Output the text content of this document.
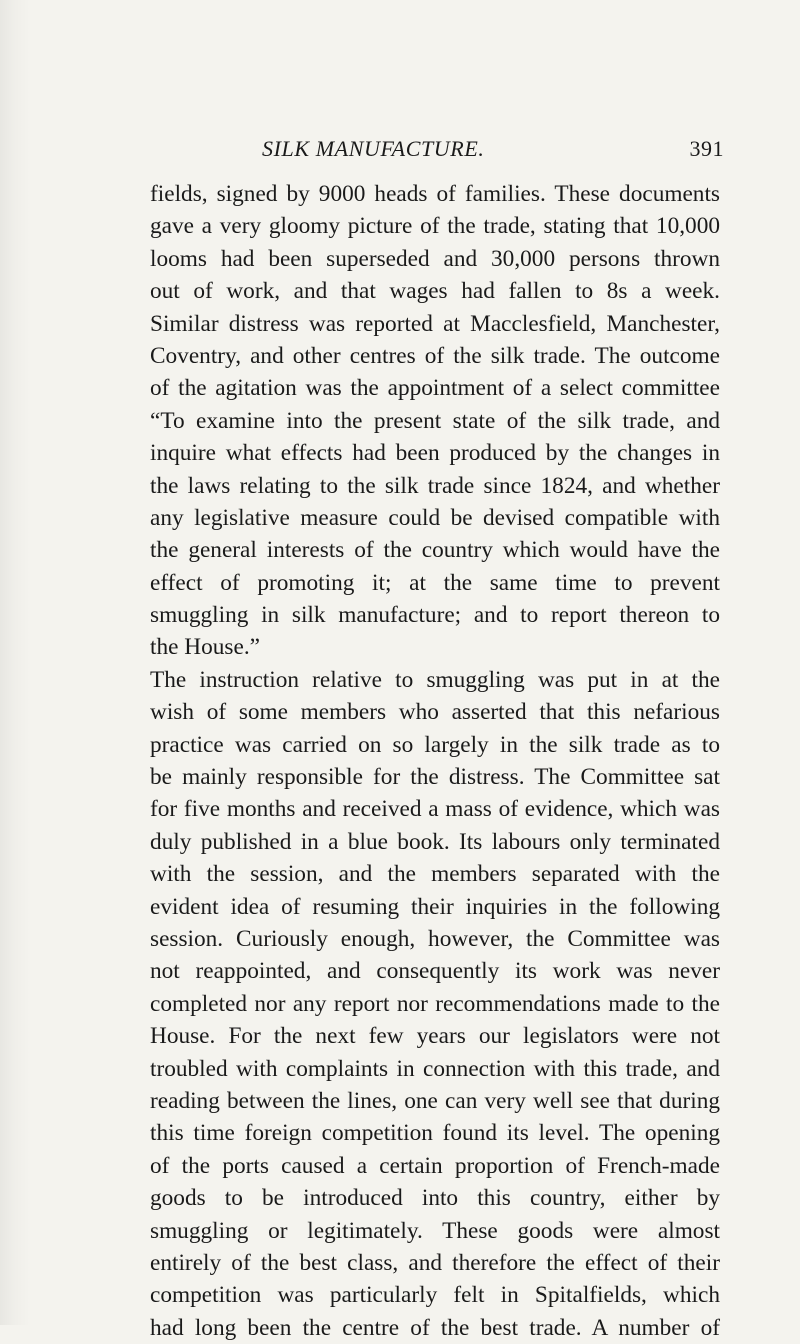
SILK MANUFACTURE.	391
fields, signed by 9000 heads of families. These documents
gave a very gloomy picture of the trade, stating that 10,000
looms had been superseded and 30,000 persons thrown
out of work, and that wages had fallen to 8s a week.
Similar distress was reported at Macclesfield, Manchester,
Coventry, and other centres of the silk trade. The outcome
of the agitation was the appointment of a select committee
“To examine into the present state of the silk trade, and
inquire what effects had been produced by the changes in
the laws relating to the silk trade since 1824, and whether
any legislative measure could be devised compatible with
the general interests of the country which would have the
effect of promoting it; at the same time to prevent
smuggling in silk manufacture; and to report thereon to
the House.”
The instruction relative to smuggling was put in at the
wish of some members who asserted that this nefarious
practice was carried on so largely in the silk trade as to
be mainly responsible for the distress. The Committee sat
for five months and received a mass of evidence, which was
duly published in a blue book. Its labours only terminated
with the session, and the members separated with the
evident idea of resuming their inquiries in the following
session. Curiously enough, however, the Committee was
not reappointed, and consequently its work was never
completed nor any report nor recommendations made to the
House. For the next few years our legislators were not
troubled with complaints in connection with this trade, and
reading between the lines, one can very well see that during
this time foreign competition found its level. The opening
of the ports caused a certain proportion of French-made
goods to be introduced into this country, either by
smuggling or legitimately. These goods were almost
entirely of the best class, and therefore the effect of their
competition was particularly felt in Spitalfields, which
had long been the centre of the best trade. A number of
